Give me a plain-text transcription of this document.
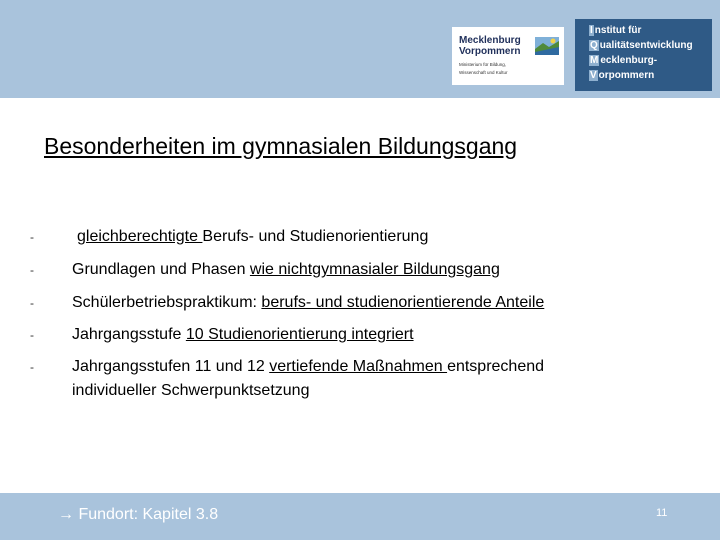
Mecklenburg
Vorpommern
Ministerium für Bildung,
Wissenschaft und Kultur
I nstitut für
Q ualitätsentwicklung
M ecklenburg-
V orpommern
Besonderheiten im gymnasialen Bildungsgang
-	gleichberechtigte Berufs- und Studienorientierung
- Grundlagen und Phasen wie nichtgymnasialer Bildungsgang
- Schülerbetriebspraktikum: berufs- und studienorientierende Anteile
- Jahrgangsstufe 10 Studienorientierung integriert
- Jahrgangsstufen 11 und 12 vertiefende Maßnahmen entsprechend
individueller Schwerpunktsetzung
→ Fundort: Kapitel 3.8	11
